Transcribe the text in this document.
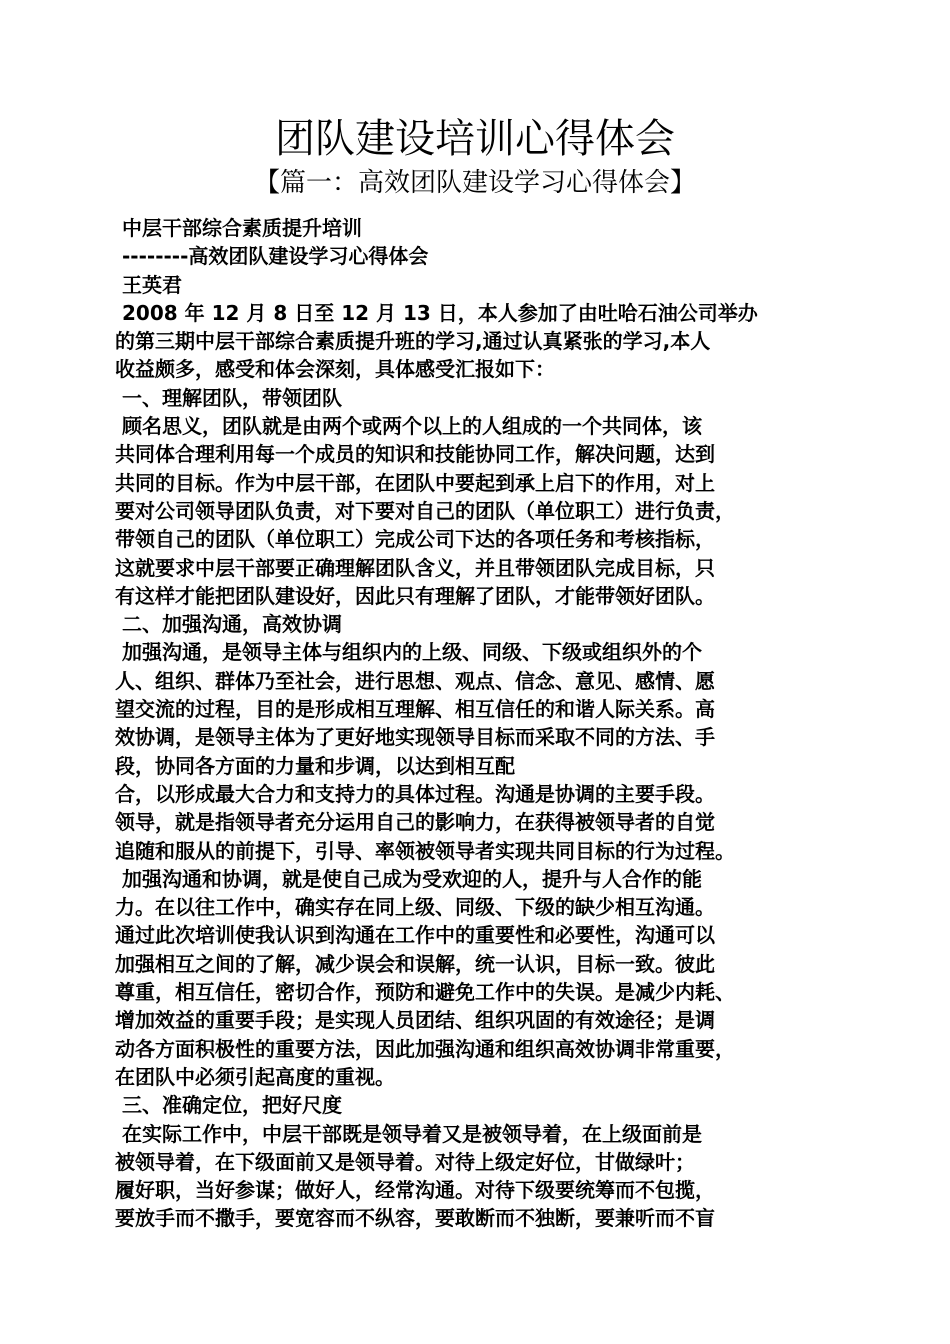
团队建设培训心得体会
【篇一：高效团队建设学习心得体会】
中层干部综合素质提升培训
--------高效团队建设学习心得体会
王英君
2008 年 12 月 8 日至 12 月 13 日，本人参加了由吐哈石油公司举办
的第三期中层干部综合素质提升班的学习,通过认真紧张的学习,本人
收益颇多，感受和体会深刻，具体感受汇报如下：
一、理解团队，带领团队
顾名思义，团队就是由两个或两个以上的人组成的一个共同体，该
共同体合理利用每一个成员的知识和技能协同工作，解决问题，达到
共同的目标。作为中层干部，在团队中要起到承上启下的作用，对上
要对公司领导团队负责，对下要对自己的团队（单位职工）进行负责，
带领自己的团队（单位职工）完成公司下达的各项任务和考核指标，
这就要求中层干部要正确理解团队含义，并且带领团队完成目标，只
有这样才能把团队建设好，因此只有理解了团队，才能带领好团队。
二、加强沟通，高效协调
加强沟通，是领导主体与组织内的上级、同级、下级或组织外的个
人、组织、群体乃至社会，进行思想、观点、信念、意见、感情、愿
望交流的过程，目的是形成相互理解、相互信任的和谐人际关系。高
效协调，是领导主体为了更好地实现领导目标而采取不同的方法、手
段，协同各方面的力量和步调，以达到相互配
合，以形成最大合力和支持力的具体过程。沟通是协调的主要手段。
领导，就是指领导者充分运用自己的影响力，在获得被领导者的自觉
追随和服从的前提下，引导、率领被领导者实现共同目标的行为过程。
加强沟通和协调，就是使自己成为受欢迎的人，提升与人合作的能
力。在以往工作中，确实存在同上级、同级、下级的缺少相互沟通。
通过此次培训使我认识到沟通在工作中的重要性和必要性，沟通可以
加强相互之间的了解，减少误会和误解，统一认识，目标一致。彼此
尊重，相互信任，密切合作，预防和避免工作中的失误。是减少内耗、
增加效益的重要手段；是实现人员团结、组织巩固的有效途径；是调
动各方面积极性的重要方法，因此加强沟通和组织高效协调非常重要，
在团队中必须引起高度的重视。
三、准确定位，把好尺度
在实际工作中，中层干部既是领导着又是被领导着，在上级面前是
被领导着，在下级面前又是领导着。对待上级定好位，甘做绿叶；
履好职，当好参谋；做好人，经常沟通。对待下级要统筹而不包揽，
要放手而不撒手，要宽容而不纵容，要敢断而不独断，要兼听而不盲
